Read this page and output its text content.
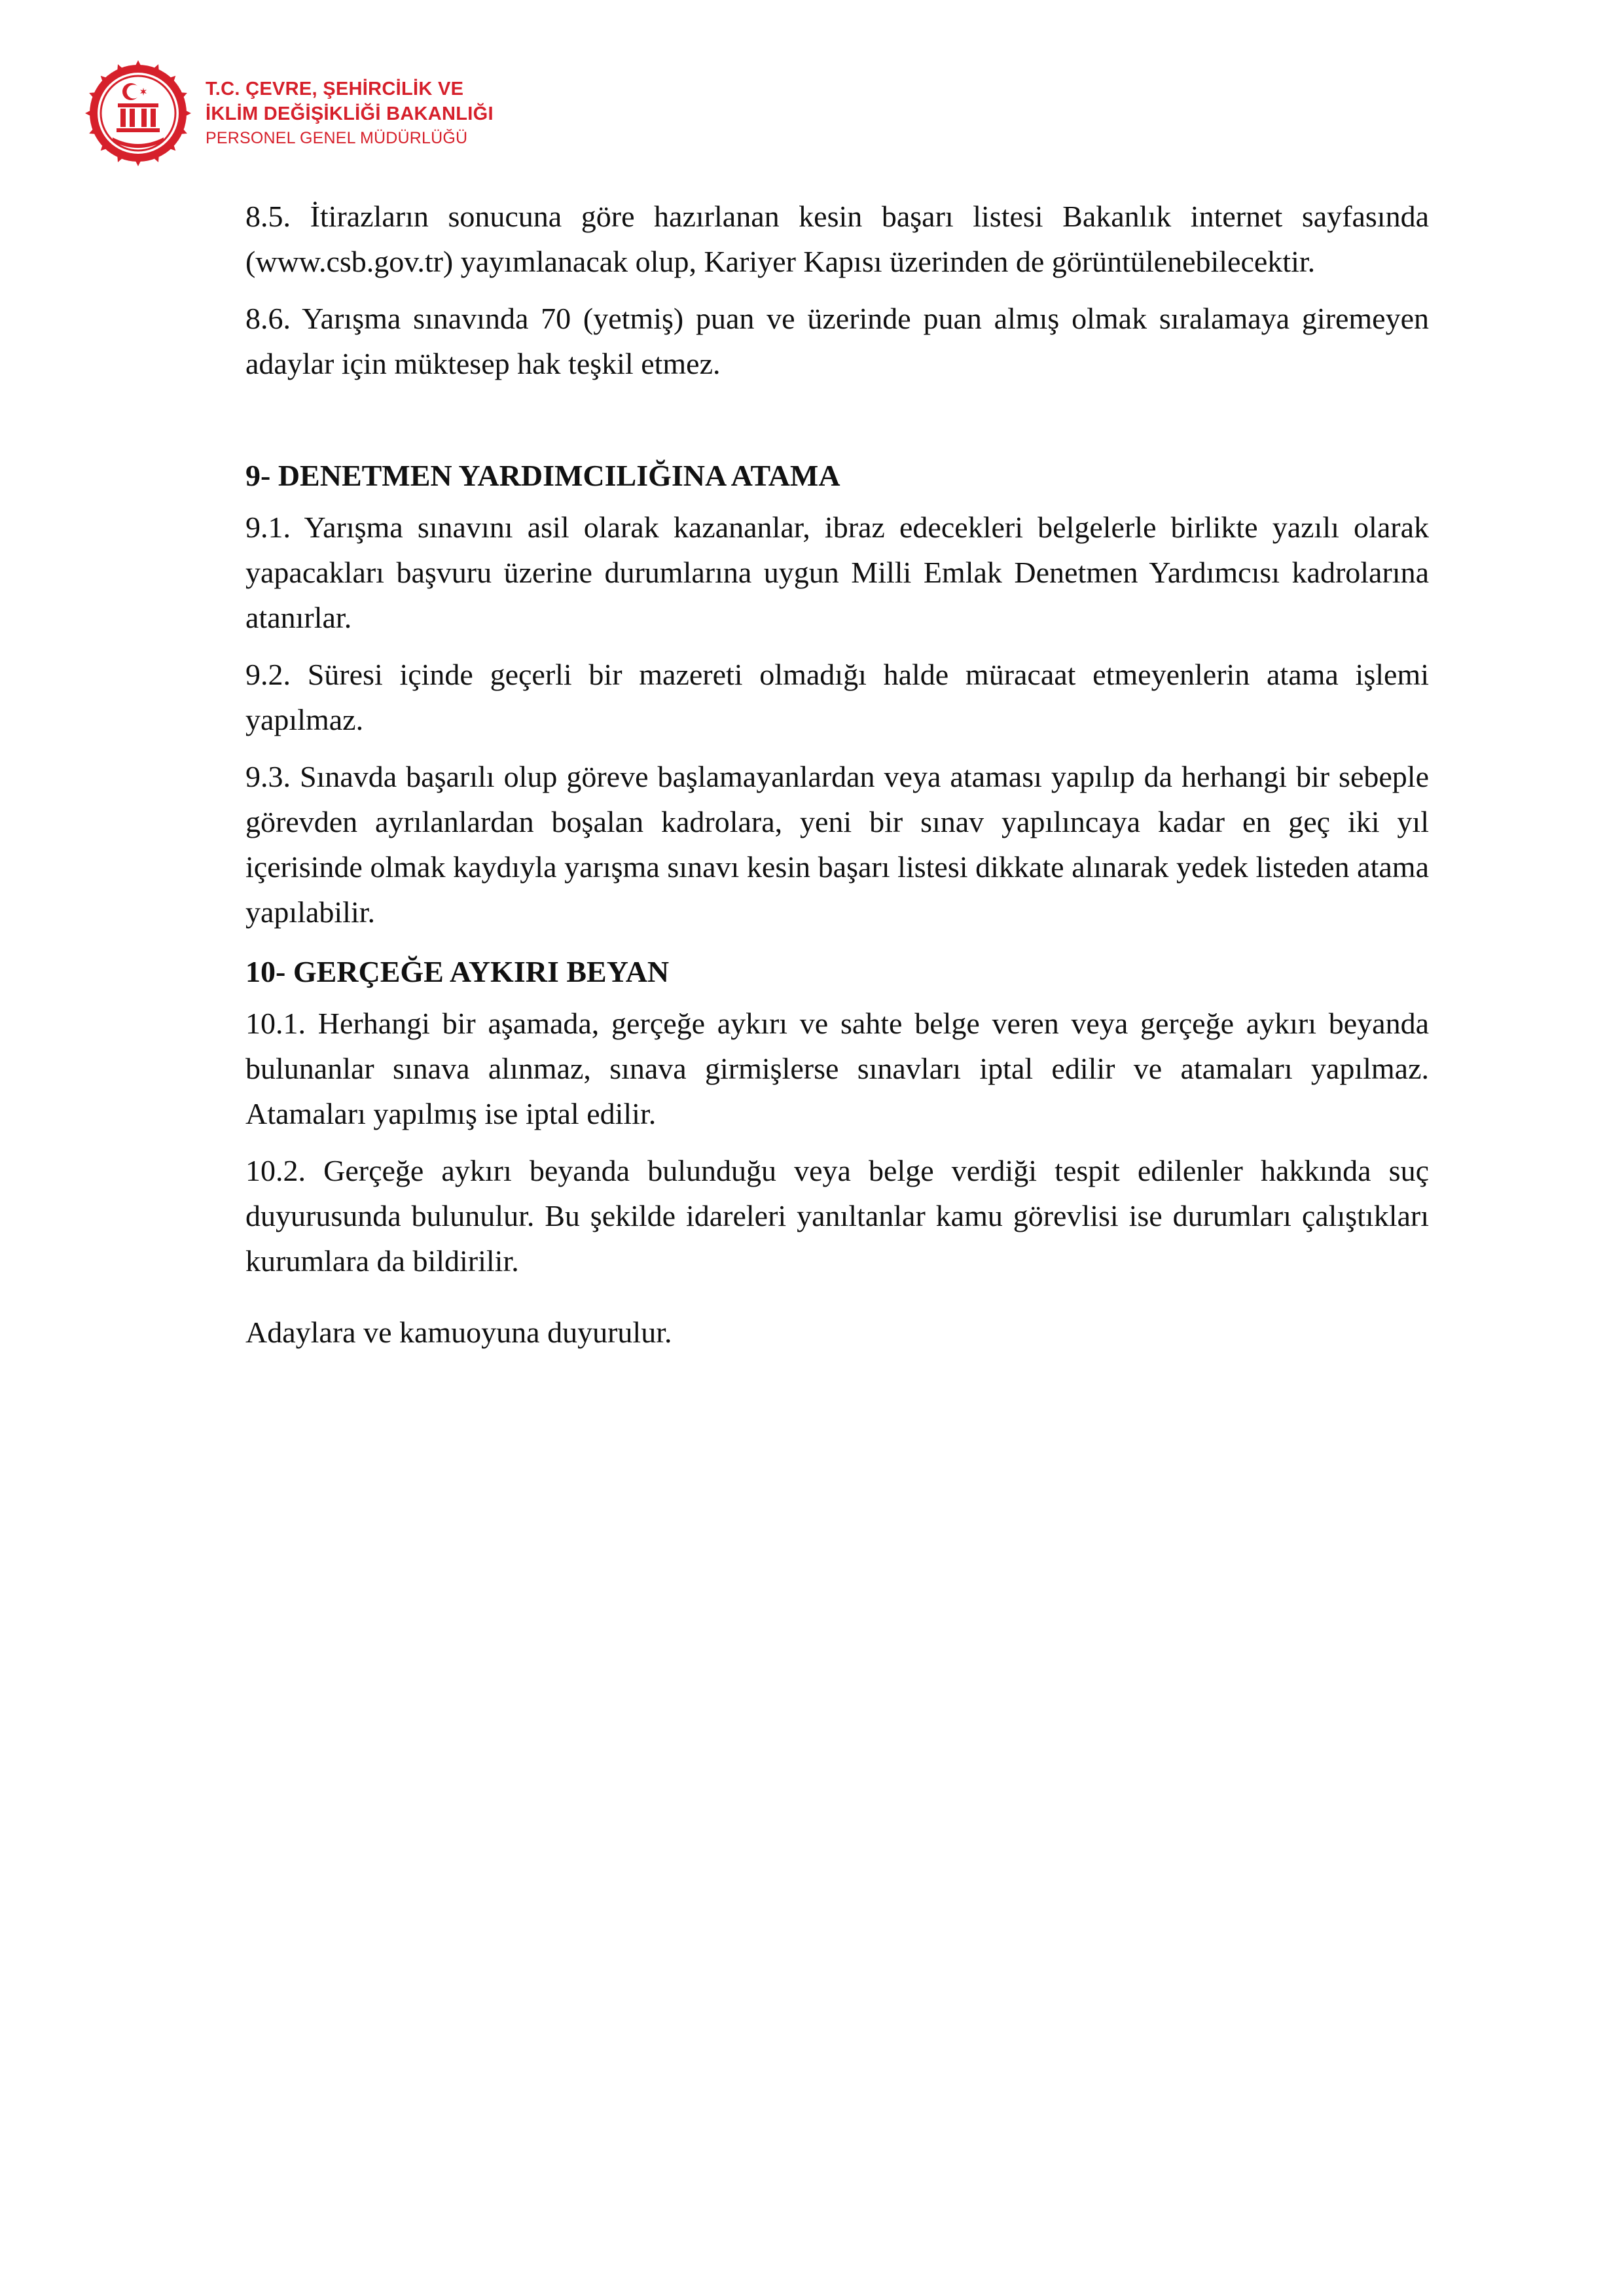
T.C. ÇEVRE, ŞEHİRCİLİK VE
İKLİM DEĞİŞİKLİĞİ BAKANLIĞI
PERSONEL GENEL MÜDÜRLÜĞÜ

8.5. İtirazların sonucuna göre hazırlanan kesin başarı listesi Bakanlık internet sayfasında (www.csb.gov.tr) yayımlanacak olup, Kariyer Kapısı üzerinden de görüntülenebilecektir.

8.6. Yarışma sınavında 70 (yetmiş) puan ve üzerinde puan almış olmak sıralamaya giremeyen adaylar için müktesep hak teşkil etmez.

9- DENETMEN YARDIMCILIĞINA ATAMA

9.1. Yarışma sınavını asil olarak kazananlar, ibraz edecekleri belgelerle birlikte yazılı olarak yapacakları başvuru üzerine durumlarına uygun Milli Emlak Denetmen Yardımcısı kadrolarına atanırlar.

9.2. Süresi içinde geçerli bir mazereti olmadığı halde müracaat etmeyenlerin atama işlemi yapılmaz.

9.3. Sınavda başarılı olup göreve başlamayanlardan veya ataması yapılıp da herhangi bir sebeple görevden ayrılanlardan boşalan kadrolara, yeni bir sınav yapılıncaya kadar en geç iki yıl içerisinde olmak kaydıyla yarışma sınavı kesin başarı listesi dikkate alınarak yedek listeden atama yapılabilir.

10- GERÇEĞE AYKIRI BEYAN

10.1. Herhangi bir aşamada, gerçeğe aykırı ve sahte belge veren veya gerçeğe aykırı beyanda bulunanlar sınava alınmaz, sınava girmişlerse sınavları iptal edilir ve atamaları yapılmaz. Atamaları yapılmış ise iptal edilir.

10.2. Gerçeğe aykırı beyanda bulunduğu veya belge verdiği tespit edilenler hakkında suç duyurusunda bulunulur. Bu şekilde idareleri yanıltanlar kamu görevlisi ise durumları çalıştıkları kurumlara da bildirilir.

Adaylara ve kamuoyuna duyurulur.
